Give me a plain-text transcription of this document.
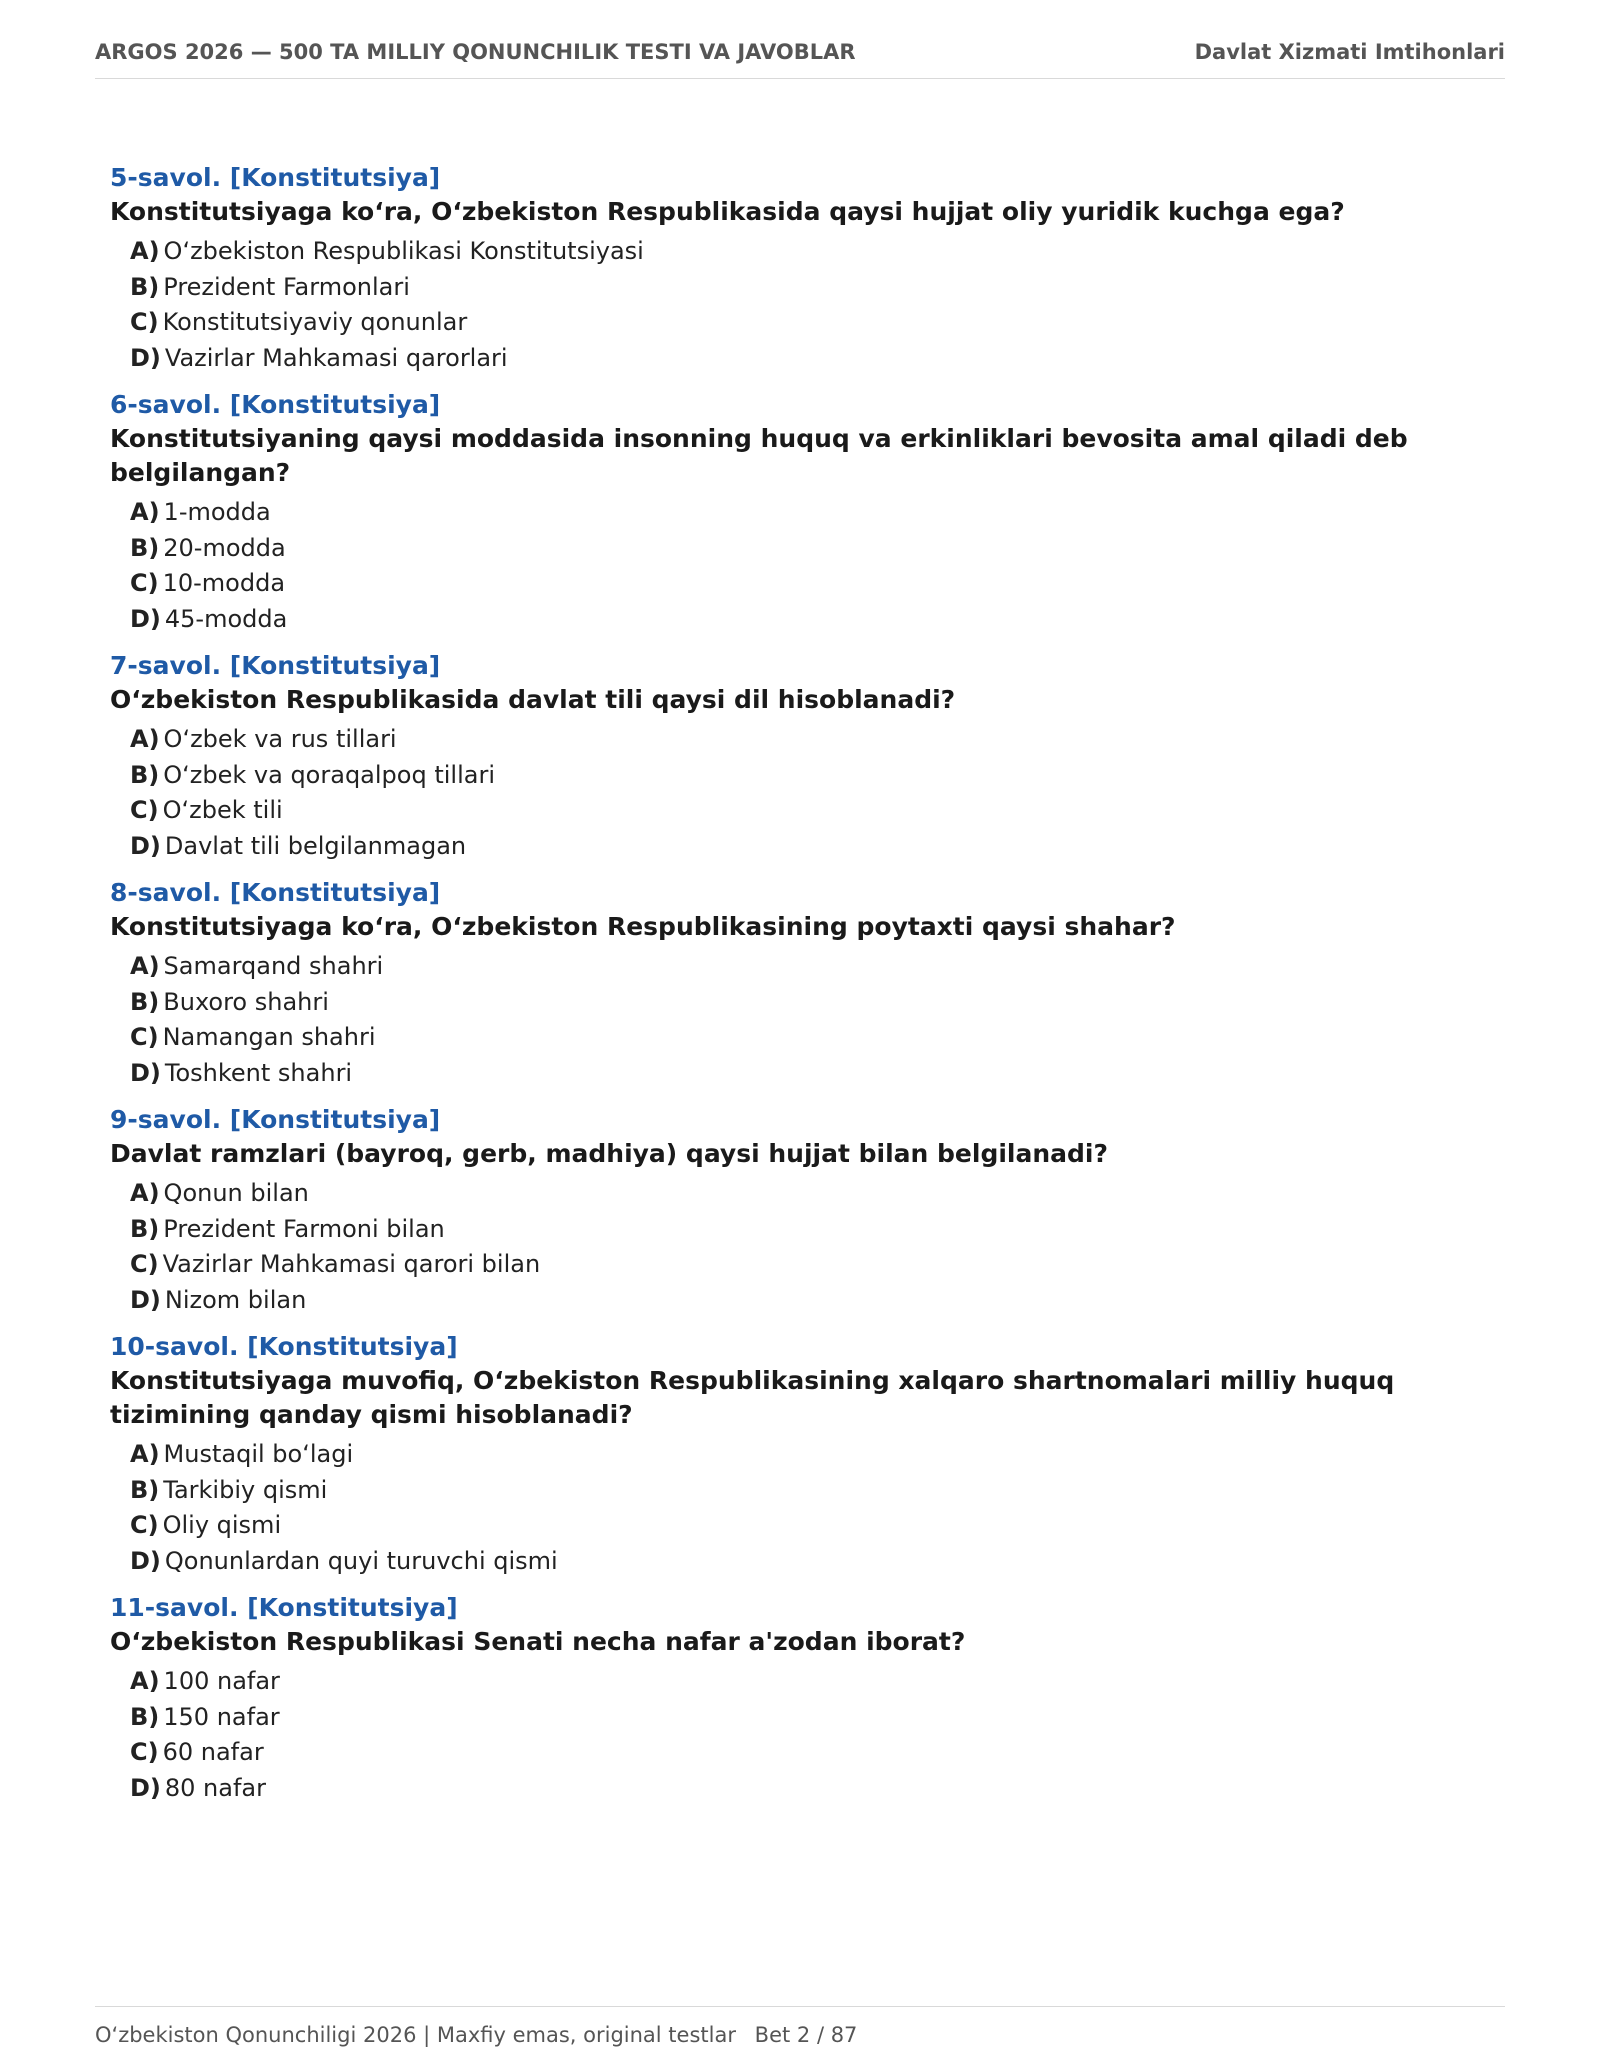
ARGOS 2026 — 500 TA MILLIY QONUNCHILIK TESTI VA JAVOBLAR	Davlat Xizmati Imtihonlari
5-savol. [Konstitutsiya]
Konstitutsiyaga ko‘ra, O‘zbekiston Respublikasida qaysi hujjat oliy yuridik kuchga ega?
A) O‘zbekiston Respublikasi Konstitutsiyasi
B) Prezident Farmonlari
C) Konstitutsiyaviy qonunlar
D) Vazirlar Mahkamasi qarorlari
6-savol. [Konstitutsiya]
Konstitutsiyaning qaysi moddasida insonning huquq va erkinliklari bevosita amal qiladi deb belgilangan?
A) 1-modda
B) 20-modda
C) 10-modda
D) 45-modda
7-savol. [Konstitutsiya]
O‘zbekiston Respublikasida davlat tili qaysi dil hisoblanadi?
A) O‘zbek va rus tillari
B) O‘zbek va qoraqalpoq tillari
C) O‘zbek tili
D) Davlat tili belgilanmagan
8-savol. [Konstitutsiya]
Konstitutsiyaga ko‘ra, O‘zbekiston Respublikasining poytaxti qaysi shahar?
A) Samarqand shahri
B) Buxoro shahri
C) Namangan shahri
D) Toshkent shahri
9-savol. [Konstitutsiya]
Davlat ramzlari (bayroq, gerb, madhiya) qaysi hujjat bilan belgilanadi?
A) Qonun bilan
B) Prezident Farmoni bilan
C) Vazirlar Mahkamasi qarori bilan
D) Nizom bilan
10-savol. [Konstitutsiya]
Konstitutsiyaga muvofiq, O‘zbekiston Respublikasining xalqaro shartnomalari milliy huquq tizimining qanday qismi hisoblanadi?
A) Mustaqil bo‘lagi
B) Tarkibiy qismi
C) Oliy qismi
D) Qonunlardan quyi turuvchi qismi
11-savol. [Konstitutsiya]
O‘zbekiston Respublikasi Senati necha nafar a'zodan iborat?
A) 100 nafar
B) 150 nafar
C) 60 nafar
D) 80 nafar
O‘zbekiston Qonunchiligi 2026 | Maxfiy emas, original testlar Bet 2 / 87
